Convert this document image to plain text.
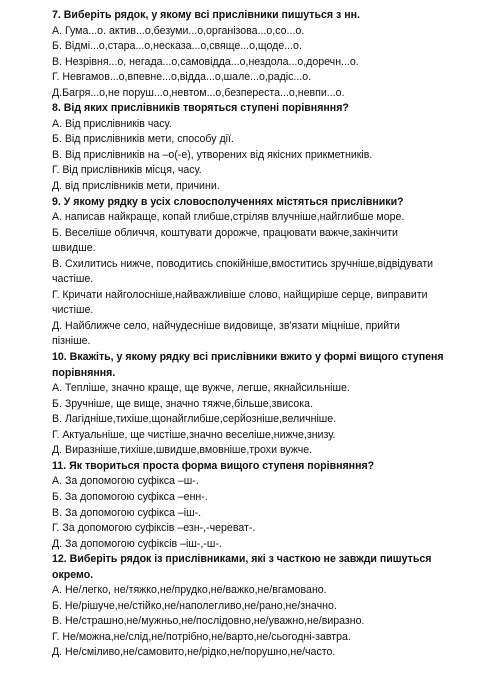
7. Виберіть рядок, у якому всі прислівники пишуться з нн.
А. Гума...о. актив...о,безуми...о,організова...о,со...о.
Б. Відмі...о,стара...о,несказа...о,свяще...о,щоде...о.
В. Незрівня...о, негада...о,самовідда...о,нездола...о,доречн...о.
Г. Невгамов...о,впевне...о,відда...о,шале...о,радіс...о.
Д.Багря...о,не поруш...о,невтом...о,безпереста...о,невпи...о.
8. Від яких прислівників творяться ступені порівняння?
А. Від прислівників часу.
Б. Від прислівників мети, способу дії.
В. Від прислівників на –о(-е), утворених від якісних прикметників.
Г. Від прислівників місця, часу.
Д. від прислівників мети, причини.
9. У якому рядку в усіх словосполученнях містяться прислівники?
А. написав найкраще, копай глибше,стріляв влучніше,найглибше море.
Б. Веселіше обличчя, коштувати дорожче, працювати важче,закінчити
швидше.
В. Схилитись нижче, поводитись спокійніше,вмоститись зручніше,відвідувати
частіше.
Г. Кричати найголосніше,найважливіше слово, найщиріше серце, виправити
чистіше.
Д. Найближче село, найчудесніше видовище, зв'язати міцніше, прийти
пізніше.
10. Вкажіть, у якому рядку всі прислівники вжито у формі вищого ступеня
порівняння.
А. Тепліше, значно краще, ще вужче, легше, якнайсильніше.
Б. Зручніше, ще вище, значно тяжче,більше,звисока.
В. Лагідніше,тихіше,щонайглибше,серйозніше,величніше.
Г. Актуальніше, ще чистіше,значно веселіше,нижче,знизу.
Д. Виразніше,тихіше,швидше,вмовніше,трохи вужче.
11. Як твориться проста форма вищого ступеня порівняння?
А. За допомогою суфікса –ш-.
Б. За допомогою суфікса –енн-.
В. За допомогою суфікса –іш-.
Г. За допомогою суфіксів –езн-,-череват-.
Д. За допомогою суфіксів –іш-,-ш-.
12. Виберіть рядок із прислівниками, які з часткою не завжди пишуться
окремо.
А. Не/легко, не/тяжко,не/прудко,не/важко,не/вгамовано.
Б. Не/рішуче,не/стійко,не/наполегливо,не/рано,не/значно.
В. Не/страшно,не/мужньо,не/послідовно,не/уважно,не/виразно.
Г. Не/можна,не/слід,не/потрібно,не/варто,не/сьогодні-завтра.
Д. Не/сміливо,не/самовито,не/рідко,не/порушно,не/часто.
